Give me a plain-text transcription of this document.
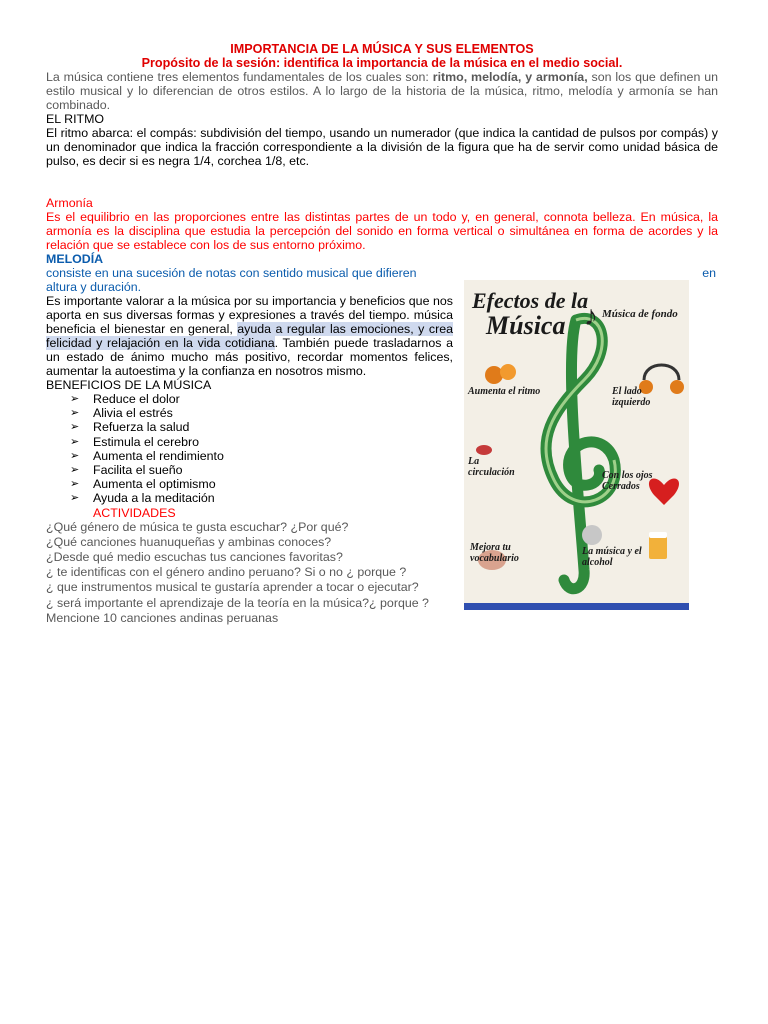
IMPORTANCIA DE LA MÚSICA Y SUS ELEMENTOS
Propósito de la sesión: identifica la importancia de la música en el medio social.

La música contiene tres elementos fundamentales de los cuales son: ritmo, melodía, y armonía, son los que definen un estilo musical y lo diferencian de otros estilos. A lo largo de la historia de la música, ritmo, melodía y armonía se han combinado.

EL RITMO

El ritmo abarca: el compás: subdivisión del tiempo, usando un numerador (que indica la cantidad de pulsos por compás) y un denominador que indica la fracción correspondiente a la división de la figura que ha de servir como unidad básica de pulso, es decir si es negra 1/4, corchea 1/8, etc.

Armonía

Es el equilibrio en las proporciones entre las distintas partes de un todo y, en general, connota belleza. En música, la armonía es la disciplina que estudia la percepción del sonido en forma vertical o simultánea en forma de acordes y la relación que se establece con los de sus entorno próximo.

MELODÍA
consiste en una sucesión de notas con sentido musical que difieren	en
altura y duración.

Es importante valorar a la música por su importancia y beneficios que nos aporta en sus diversas formas y expresiones a través del tiempo. música beneficia el bienestar en general, ayuda a regular las emociones, y crea felicidad y relajación en la vida cotidiana. También puede trasladarnos a un estado de ánimo mucho más positivo, recordar momentos felices, aumentar la autoestima y la confianza en nosotros mismo.

BENEFICIOS DE LA MÚSICA
➢ Reduce el dolor
➢ Alivia el estrés
➢ Refuerza la salud
➢ Estimula el cerebro
➢ Aumenta el rendimiento
➢ Facilita el sueño
➢ Aumenta el optimismo
➢ Ayuda a la meditación
ACTIVIDADES
¿Qué género de música te gusta escuchar? ¿Por qué?
¿Qué canciones huanuqueñas y ambinas conoces?
¿Desde qué medio escuchas tus canciones favoritas?
¿ te identificas con el género andino peruano? Si o no ¿ porque ?
¿ que instrumentos musical te gustaría aprender a tocar o ejecutar?
¿ será importante el aprendizaje de la teoría en la música?¿ porque ?
Mencione 10 canciones andinas peruanas
♪
Efectos de la
Música	Música de fondo
Aumenta el ritmo	El lado izquierdo
La circulación	Con los ojos Cerrados
Mejora tu vocabulario
La música y el alcohol
